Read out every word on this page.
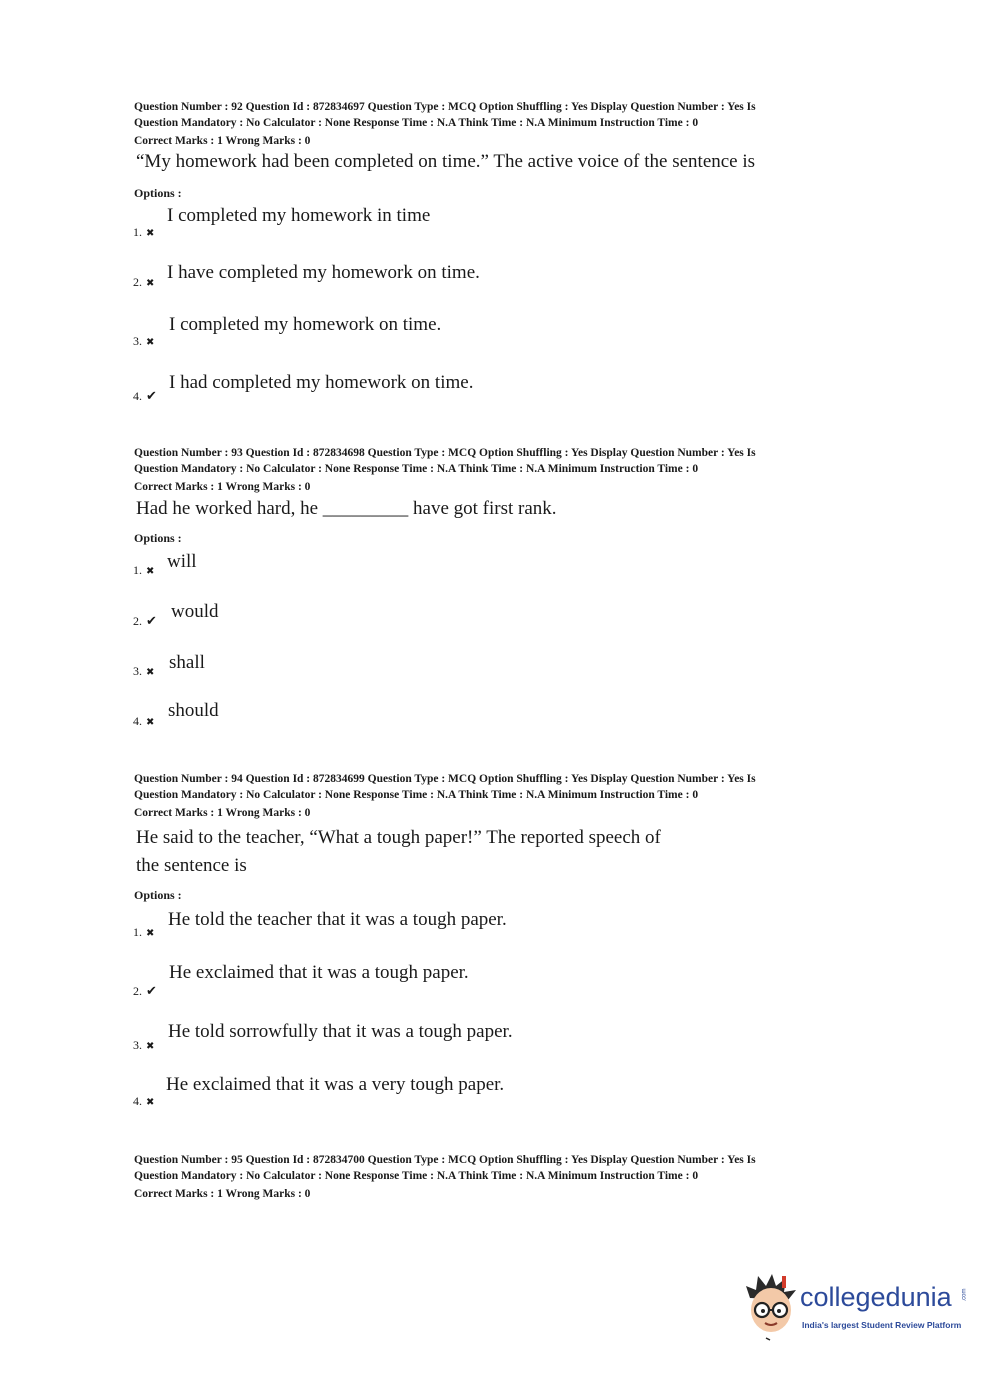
Question Number : 92 Question Id : 872834697 Question Type : MCQ Option Shuffling : Yes Display Question Number : Yes Is
Question Mandatory : No Calculator : None Response Time : N.A Think Time : N.A Minimum Instruction Time : 0
Correct Marks : 1 Wrong Marks : 0
“My homework had been completed on time.” The active voice of the sentence is
Options :
1. ✖
I completed my homework in time
2. ✖
I have completed my homework on time.
3. ✖
I completed my homework on time.
4. ✔
I had completed my homework on time.
Question Number : 93 Question Id : 872834698 Question Type : MCQ Option Shuffling : Yes Display Question Number : Yes Is
Question Mandatory : No Calculator : None Response Time : N.A Think Time : N.A Minimum Instruction Time : 0
Correct Marks : 1 Wrong Marks : 0
Had he worked hard, he _________ have got first rank.
Options :
1. ✖ will
2. ✔ would
3. ✖ shall
4. ✖
should
Question Number : 94 Question Id : 872834699 Question Type : MCQ Option Shuffling : Yes Display Question Number : Yes Is
Question Mandatory : No Calculator : None Response Time : N.A Think Time : N.A Minimum Instruction Time : 0
Correct Marks : 1 Wrong Marks : 0
He said to the teacher, “What a tough paper!” The reported speech of
the sentence is
Options :
1. ✖
He told the teacher that it was a tough paper.
2. ✔
He exclaimed that it was a tough paper.
3. ✖
He told sorrowfully that it was a tough paper.
4. ✖
He exclaimed that it was a very tough paper.
Question Number : 95 Question Id : 872834700 Question Type : MCQ Option Shuffling : Yes Display Question Number : Yes Is
Question Mandatory : No Calculator : None Response Time : N.A Think Time : N.A Minimum Instruction Time : 0
Correct Marks : 1 Wrong Marks : 0
collegedunia .com
India's largest Student Review Platform
